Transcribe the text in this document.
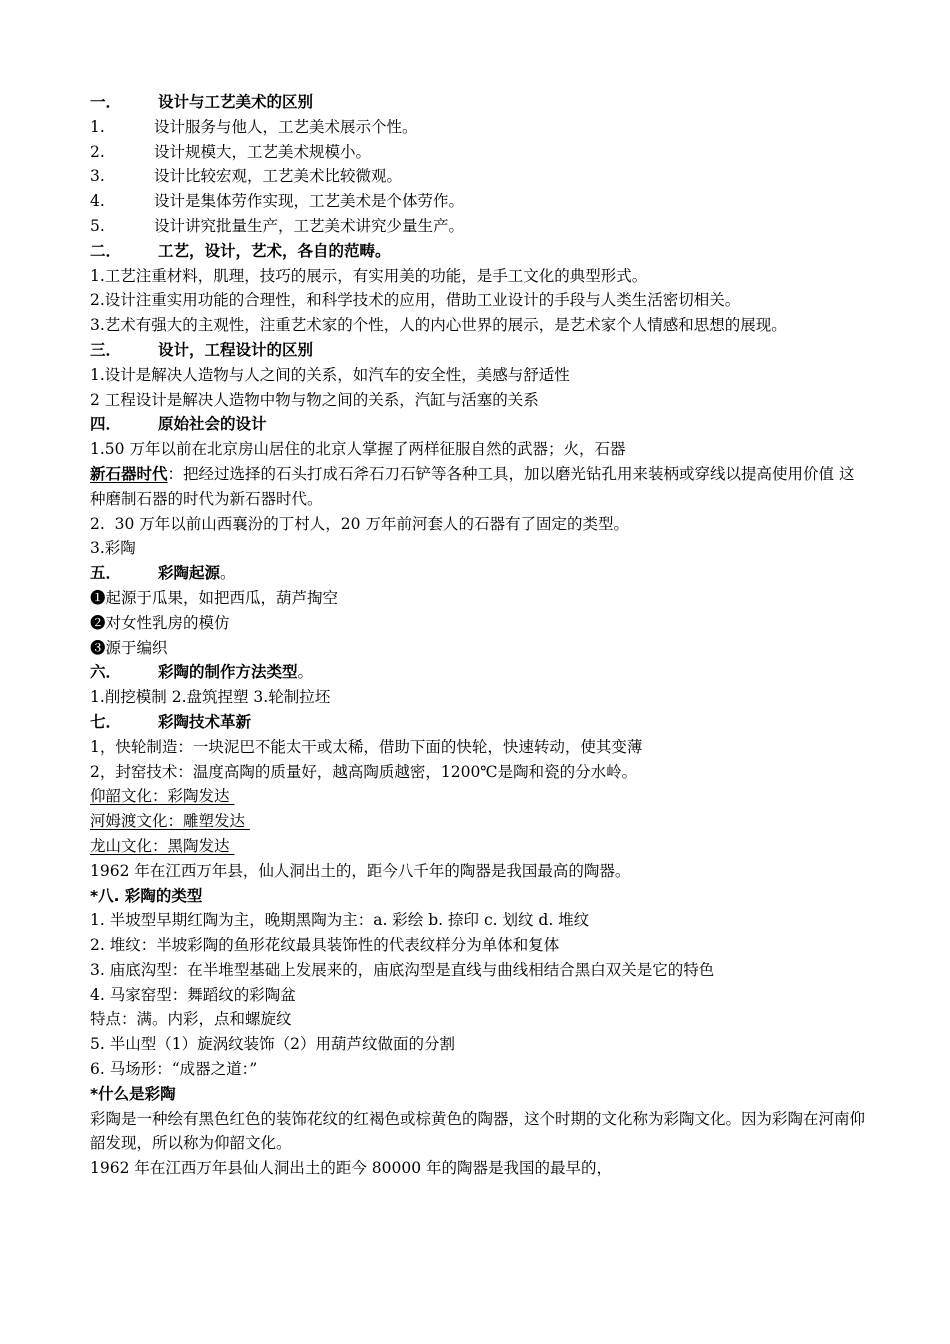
一． 设计与工艺美术的区别
1.	设计服务与他人，工艺美术展示个性。
2.	设计规模大，工艺美术规模小。
3.	设计比较宏观，工艺美术比较微观。
4.	设计是集体劳作实现，工艺美术是个体劳作。
5.	设计讲究批量生产，工艺美术讲究少量生产。
二． 工艺，设计，艺术，各自的范畴。
1.工艺注重材料，肌理，技巧的展示，有实用美的功能，是手工文化的典型形式。
2.设计注重实用功能的合理性，和科学技术的应用，借助工业设计的手段与人类生活密切相关。
3.艺术有强大的主观性，注重艺术家的个性，人的内心世界的展示，是艺术家个人情感和思想的展现。
三． 设计，工程设计的区别
1.设计是解决人造物与人之间的关系，如汽车的安全性，美感与舒适性
2 工程设计是解决人造物中物与物之间的关系，汽缸与活塞的关系
四． 原始社会的设计
1.50 万年以前在北京房山居住的北京人掌握了两样征服自然的武器；火，石器
新石器时代：把经过选择的石头打成石斧石刀石铲等各种工具，加以磨光钻孔用来装柄或穿线以提高使用价值 这种磨制石器的时代为新石器时代。
2.  30 万年以前山西襄汾的丁村人，20 万年前河套人的石器有了固定的类型。
3.彩陶
五． 彩陶起源。
❶起源于瓜果，如把西瓜，葫芦掏空
❷对女性乳房的模仿
❸源于编织
六． 彩陶的制作方法类型。
1.削挖模制 2.盘筑捏塑 3.轮制拉坯
七． 彩陶技术革新
1，快轮制造：一块泥巴不能太干或太稀，借助下面的快轮，快速转动，使其变薄
2，封窑技术：温度高陶的质量好，越高陶质越密，1200℃是陶和瓷的分水岭。
仰韶文化：彩陶发达
河姆渡文化：雕塑发达
龙山文化：黑陶发达
1962 年在江西万年县，仙人洞出土的，距今八千年的陶器是我国最高的陶器。
*八. 彩陶的类型
1. 半坡型早期红陶为主，晚期黑陶为主：a. 彩绘 b. 捺印 c. 划纹 d. 堆纹
2. 堆纹：半坡彩陶的鱼形花纹最具装饰性的代表纹样分为单体和复体
3. 庙底沟型：在半堆型基础上发展来的，庙底沟型是直线与曲线相结合黑白双关是它的特色
4. 马家窑型：舞蹈纹的彩陶盆
特点：满。内彩，点和螺旋纹
5. 半山型（1）旋涡纹装饰（2）用葫芦纹做面的分割
6. 马场形：“成器之道：”
*什么是彩陶
彩陶是一种绘有黑色红色的装饰花纹的红褐色或棕黄色的陶器，这个时期的文化称为彩陶文化。因为彩陶在河南仰韶发现，所以称为仰韶文化。
1962 年在江西万年县仙人洞出土的距今 80000 年的陶器是我国的最早的，
